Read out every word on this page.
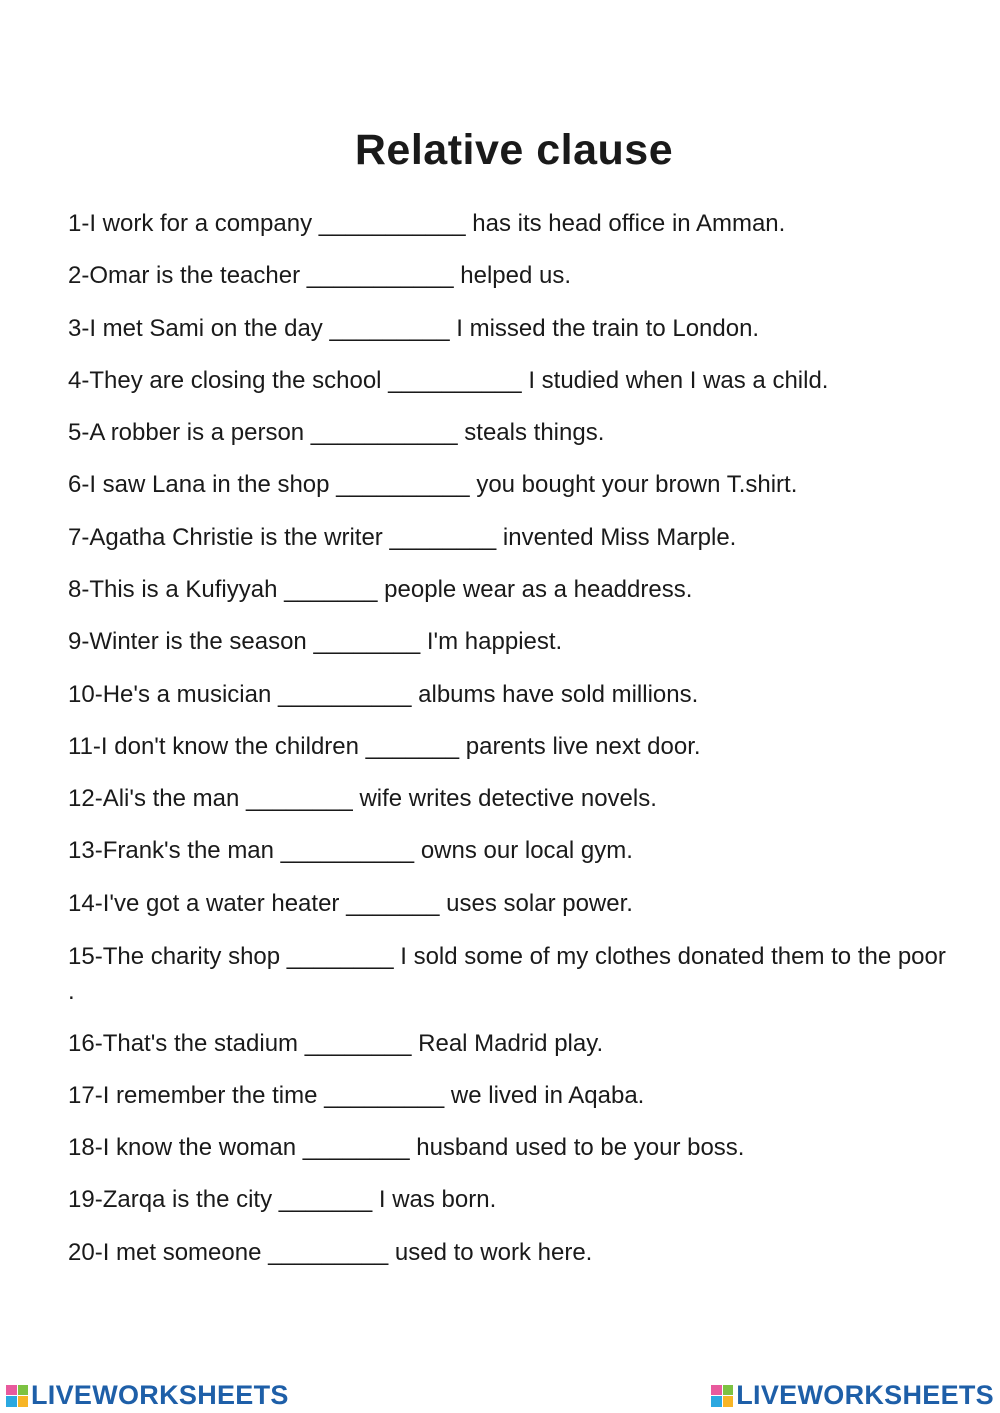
Relative clause
1-I work for a company ___________ has its head office in Amman.
2-Omar is the teacher ___________ helped us.
3-I met Sami on the day _________ I missed the train to London.
4-They are closing the school __________ I studied when I was a child.
5-A robber is a person ___________ steals things.
6-I saw Lana in the shop __________ you bought your brown T.shirt.
7-Agatha Christie is the writer ________ invented Miss Marple.
8-This is a Kufiyyah _______ people wear as a headdress.
9-Winter is the season ________ I'm happiest.
10-He's a musician __________ albums have sold millions.
11-I don't know the children _______ parents live next door.
12-Ali's the man ________ wife writes detective novels.
13-Frank's the man __________ owns our local gym.
14-I've got a water heater _______ uses solar power.
15-The charity shop ________ I sold some of my clothes donated them to the poor .
16-That's the stadium ________ Real Madrid play.
17-I remember the time _________ we lived in Aqaba.
18-I know the woman ________ husband used to be your boss.
19-Zarqa is the city _______ I was born.
20-I met someone _________ used to work here.
LIVEWORKSHEETS	LIVEWORKSHEETS
